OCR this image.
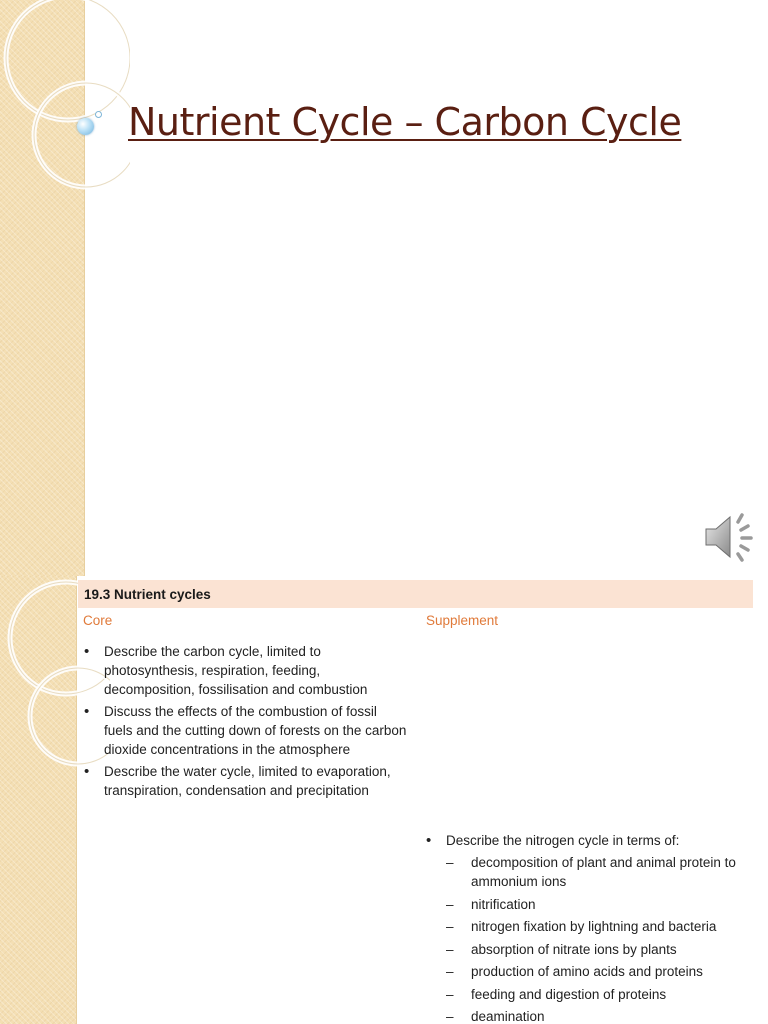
Nutrient Cycle – Carbon Cycle
19.3 Nutrient cycles
Core	Supplement
• Describe the carbon cycle, limited to photosynthesis, respiration, feeding, decomposition, fossilisation and combustion
• Discuss the effects of the combustion of fossil fuels and the cutting down of forests on the carbon dioxide concentrations in the atmosphere
• Describe the water cycle, limited to evaporation, transpiration, condensation and precipitation
• Describe the nitrogen cycle in terms of:
– decomposition of plant and animal protein to ammonium ions
– nitrification
– nitrogen fixation by lightning and bacteria
– absorption of nitrate ions by plants
– production of amino acids and proteins
– feeding and digestion of proteins
– deamination
